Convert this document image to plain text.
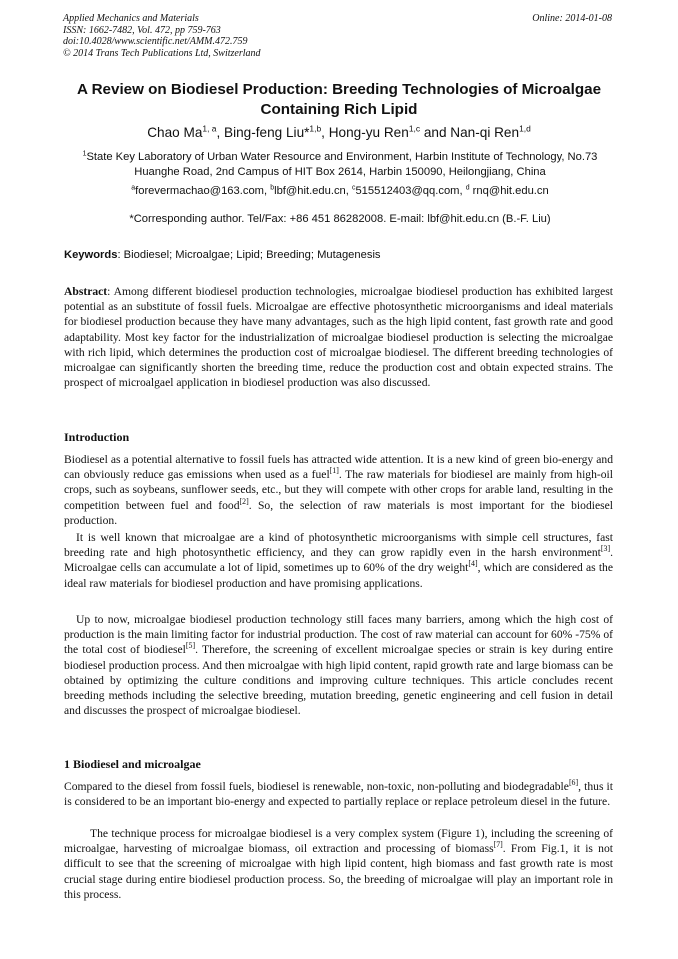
Applied Mechanics and Materials
ISSN: 1662-7482, Vol. 472, pp 759-763
doi:10.4028/www.scientific.net/AMM.472.759
© 2014 Trans Tech Publications Ltd, Switzerland
Online: 2014-01-08
A Review on Biodiesel Production: Breeding Technologies of Microalgae Containing Rich Lipid
Chao Ma$^{1, a}$, Bing-feng Liu*$^{1,b}$, Hong-yu Ren$^{1,c}$ and Nan-qi Ren$^{1,d}$
$^1$State Key Laboratory of Urban Water Resource and Environment, Harbin Institute of Technology, No.73 Huanghe Road, 2nd Campus of HIT Box 2614, Harbin 150090, Heilongjiang, China
$^a$forevermachao@163.com, $^b$lbf@hit.edu.cn, $^c$515512403@qq.com, $^d$ rnq@hit.edu.cn
*Corresponding author. Tel/Fax: +86 451 86282008. E-mail: lbf@hit.edu.cn (B.-F. Liu)
Keywords: Biodiesel; Microalgae; Lipid; Breeding; Mutagenesis

Abstract: Among different biodiesel production technologies, microalgae biodiesel production has exhibited largest potential as an substitute of fossil fuels. Microalgae are effective photosynthetic microorganisms and ideal materials for biodiesel production because they have many advantages, such as the high lipid content, fast growth rate and good adaptability. Most key factor for the industrialization of microalgae biodiesel production is selecting the microalgae with rich lipid, which determines the production cost of microalgae biodiesel. The different breeding technologies of microalgae can significantly shorten the breeding time, reduce the production cost and obtain expected strains. The prospect of microalgael application in biodiesel production was also discussed.

Introduction

Biodiesel as a potential alternative to fossil fuels has attracted wide attention. It is a new kind of green bio-energy and can obviously reduce gas emissions when used as a fuel[1]. The raw materials for biodiesel are mainly from high-oil crops, such as soybeans, sunflower seeds, etc., but they will compete with other crops for arable land, resulting in the competition between fuel and food[2]. So, the selection of raw materials is most important for the biodiesel production.

It is well known that microalgae are a kind of photosynthetic microorganisms with simple cell structures, fast breeding rate and high photosynthetic efficiency, and they can grow rapidly even in the harsh environment[3]. Microalgae cells can accumulate a lot of lipid, sometimes up to 60% of the dry weight[4], which are considered as the ideal raw materials for biodiesel production and have promising applications.

Up to now, microalgae biodiesel production technology still faces many barriers, among which the high cost of production is the main limiting factor for industrial production. The cost of raw material can account for 60% -75% of the total cost of biodiesel[5]. Therefore, the screening of excellent microalgae species or strain is key during entire biodiesel production process. And then microalgae with high lipid content, rapid growth rate and large biomass can be obtained by optimizing the culture conditions and improving culture techniques. This article concludes recent breeding methods including the selective breeding, mutation breeding, genetic engineering and cell fusion in detail and discusses the prospect of microalgae biodiesel.

1 Biodiesel and microalgae

Compared to the diesel from fossil fuels, biodiesel is renewable, non-toxic, non-polluting and biodegradable[6], thus it is considered to be an important bio-energy and expected to partially replace or replace petroleum diesel in the future.

The technique process for microalgae biodiesel is a very complex system (Figure 1), including the screening of microalgae, harvesting of microalgae biomass, oil extraction and processing of biomass[7]. From Fig.1, it is not difficult to see that the screening of microalgae with high lipid content, high biomass and fast growth rate is most crucial stage during entire biodiesel production process. So, the breeding of microalgae will play an important role in this process.
